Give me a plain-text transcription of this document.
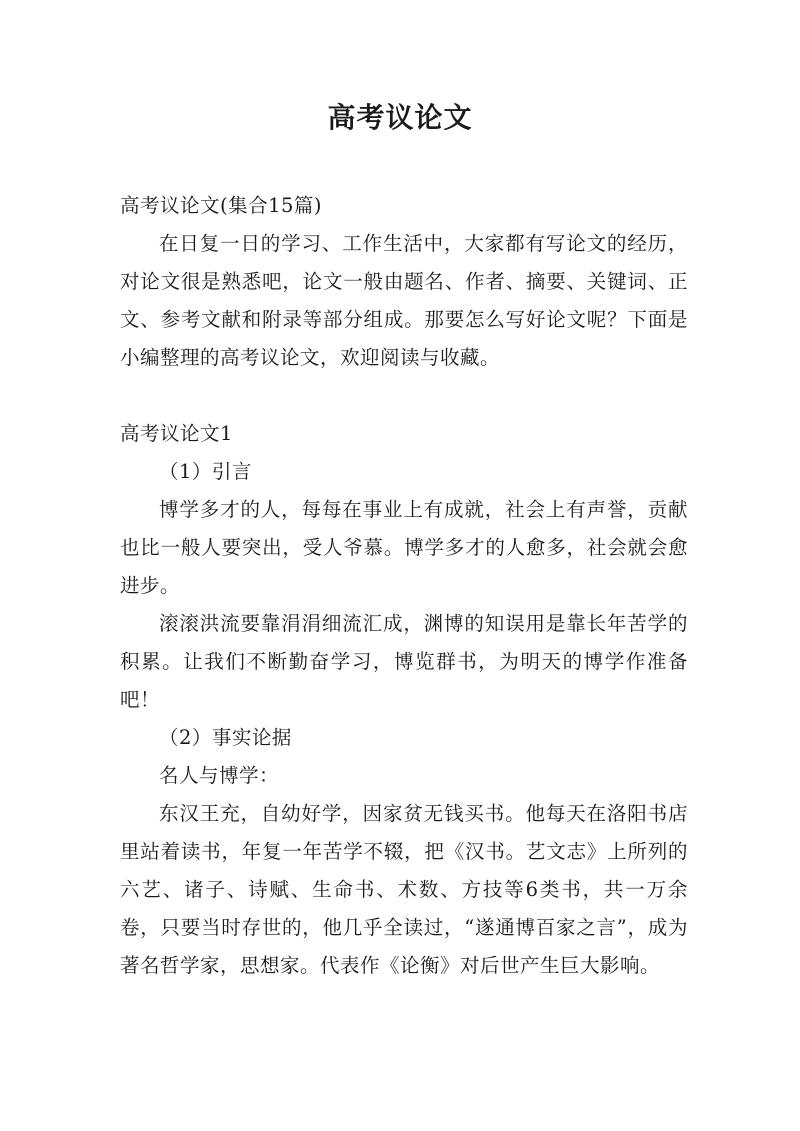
高考议论文

高考议论文(集合15篇)

在日复一日的学习、工作生活中，大家都有写论文的经历，对论文很是熟悉吧，论文一般由题名、作者、摘要、关键词、正文、参考文献和附录等部分组成。那要怎么写好论文呢？下面是小编整理的高考议论文，欢迎阅读与收藏。

高考议论文1

（1）引言

博学多才的人，每每在事业上有成就，社会上有声誉，贡献也比一般人要突出，受人爷慕。博学多才的人愈多，社会就会愈进步。

滚滚洪流要靠涓涓细流汇成，渊博的知误用是靠长年苦学的积累。让我们不断勤奋学习，博览群书，为明天的博学作准备吧！

（2）事实论据

名人与博学：

东汉王充，自幼好学，因家贫无钱买书。他每天在洛阳书店里站着读书，年复一年苦学不辍，把《汉书。艺文志》上所列的六艺、诸子、诗赋、生命书、术数、方技等6类书，共一万余卷，只要当时存世的，他几乎全读过，“遂通博百家之言”，成为著名哲学家，思想家。代表作《论衡》对后世产生巨大影响。
